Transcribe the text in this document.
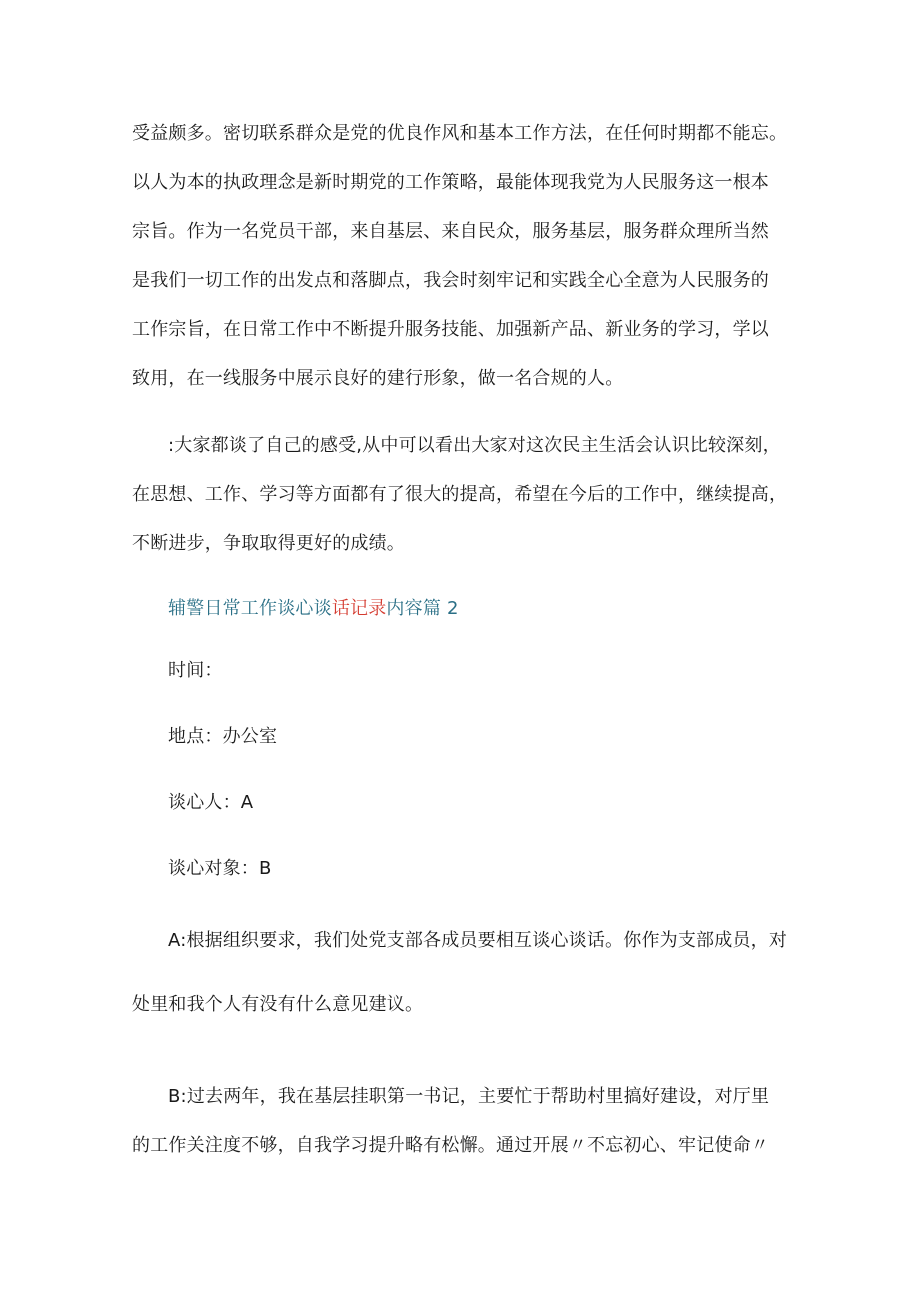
受益颇多。密切联系群众是党的优良作风和基本工作方法，在任何时期都不能忘。
以人为本的执政理念是新时期党的工作策略，最能体现我党为人民服务这一根本
宗旨。作为一名党员干部，来自基层、来自民众，服务基层，服务群众理所当然
是我们一切工作的出发点和落脚点，我会时刻牢记和实践全心全意为人民服务的
工作宗旨，在日常工作中不断提升服务技能、加强新产品、新业务的学习，学以
致用，在一线服务中展示良好的建行形象，做一名合规的人。
:大家都谈了自己的感受,从中可以看出大家对这次民主生活会认识比较深刻，
在思想、工作、学习等方面都有了很大的提高，希望在今后的工作中，继续提高，
不断进步，争取取得更好的成绩。
辅警日常工作谈心谈话记录内容篇 2
时间：
地点：办公室
谈心人：A
谈心对象：B
A:根据组织要求，我们处党支部各成员要相互谈心谈话。你作为支部成员，对
处里和我个人有没有什么意见建议。
B:过去两年，我在基层挂职第一书记，主要忙于帮助村里搞好建设，对厅里
的工作关注度不够，自我学习提升略有松懈。通过开展〃不忘初心、牢记使命〃
